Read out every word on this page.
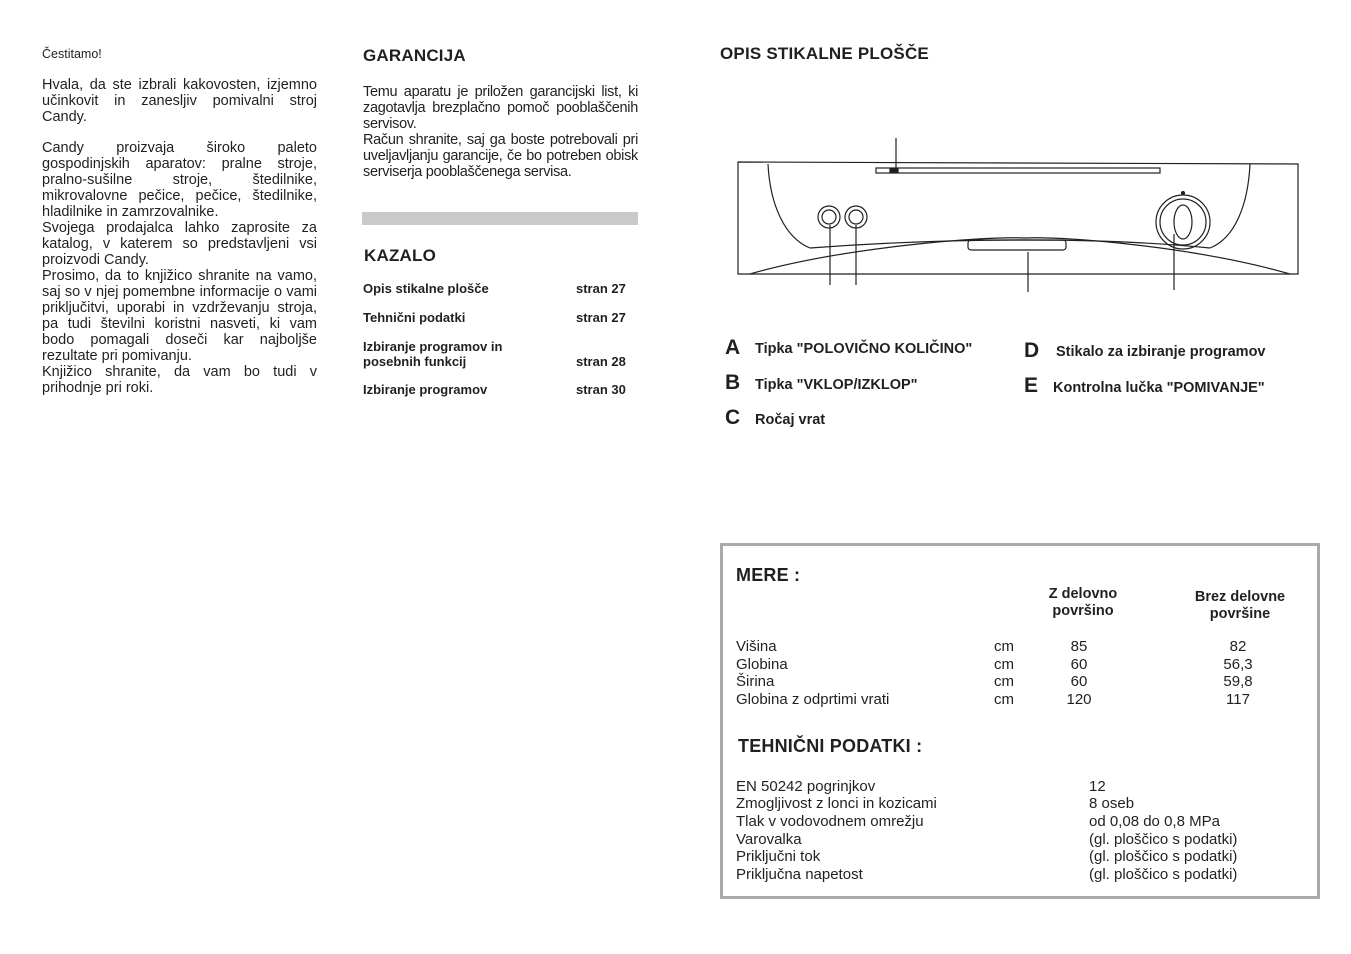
Čestitamo!

Hvala, da ste izbrali kakovosten, izjemno učinkovit in zanesljiv pomivalni stroj Candy.

Candy proizvaja široko paleto gospodinjskih aparatov: pralne stroje, pralno-sušilne stroje, štedilnike, mikrovalovne pečice, pečice, štedilnike, hladilnike in zamrzovalnike.

Svojega prodajalca lahko zaprosite za katalog, v katerem so predstavljeni vsi proizvodi Candy.

Prosimo, da to knjižico shranite na vamo, saj so v njej pomembne informacije o vami priključitvi, uporabi in vzdrževanju stroja, pa tudi številni koristni nasveti, ki vam bodo pomagali doseči kar najboljše rezultate pri pomivanju.

Knjižico shranite, da vam bo tudi v prihodnje pri roki.

GARANCIJA

Temu aparatu je priložen garancijski list, ki zagotavlja brezplačno pomoč pooblaščenih servisov.

Račun shranite, saj ga boste potrebovali pri uveljavljanju garancije, če bo potreben obisk serviserja pooblaščenega servisa.

KAZALO
Opis stikalne plošče	stran 27
Tehnični podatki	stran 27
Izbiranje programov in posebnih funkcij	stran 28
Izbiranje programov	stran 30
OPIS STIKALNE PLOŠČE
A Tipka "POLOVIČNO KOLIČINO"
B Tipka "VKLOP/IZKLOP"
C Ročaj vrat
D Stikalo za izbiranje programov
E Kontrolna lučka "POMIVANJE"
MERE :
Z delovno površino
Brez delovne površine
Višina	cm	85	82
Globina	cm	60	56,3
Širina	cm	60	59,8
Globina z odprtimi vrati	cm	120	117
TEHNIČNI PODATKI :
EN 50242 pogrinjkov	12
Zmogljivost z lonci in kozicami	8 oseb
Tlak v vodovodnem omrežju	od 0,08 do 0,8 MPa
Varovalka	(gl. ploščico s podatki)
Priključni tok	(gl. ploščico s podatki)
Priključna napetost	(gl. ploščico s podatki)
